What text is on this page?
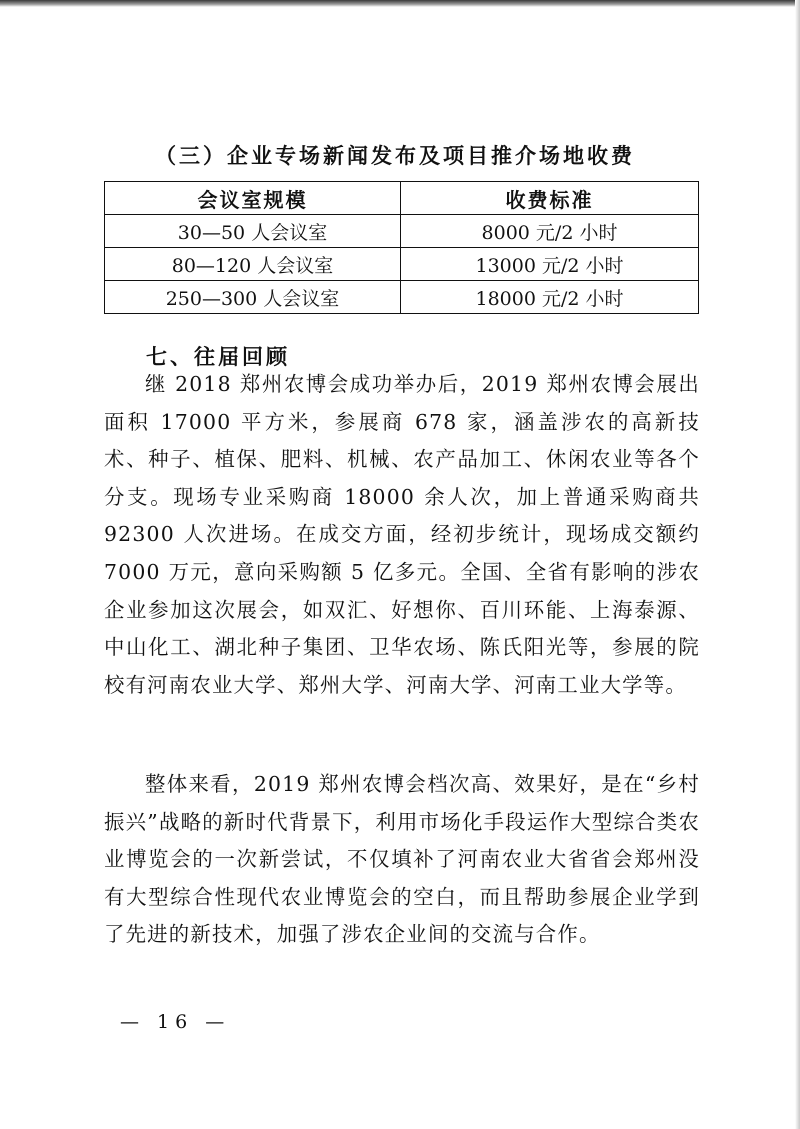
（三）企业专场新闻发布及项目推介场地收费
会议室规模	收费标准
30—50 人会议室	8000 元/2 小时
80—120 人会议室	13000 元/2 小时
250—300 人会议室	18000 元/2 小时
七、往届回顾

继 2018 郑州农博会成功举办后，2019 郑州农博会展出面积 17000 平方米，参展商 678 家，涵盖涉农的高新技术、种子、植保、肥料、机械、农产品加工、休闲农业等各个分支。现场专业采购商 18000 余人次，加上普通采购商共 92300 人次进场。在成交方面，经初步统计，现场成交额约 7000 万元，意向采购额 5 亿多元。全国、全省有影响的涉农企业参加这次展会，如双汇、好想你、百川环能、上海泰源、中山化工、湖北种子集团、卫华农场、陈氏阳光等，参展的院校有河南农业大学、郑州大学、河南大学、河南工业大学等。

整体来看，2019 郑州农博会档次高、效果好，是在“乡村振兴”战略的新时代背景下，利用市场化手段运作大型综合类农业博览会的一次新尝试，不仅填补了河南农业大省省会郑州没有大型综合性现代农业博览会的空白，而且帮助参展企业学到了先进的新技术，加强了涉农企业间的交流与合作。

— 16 —
